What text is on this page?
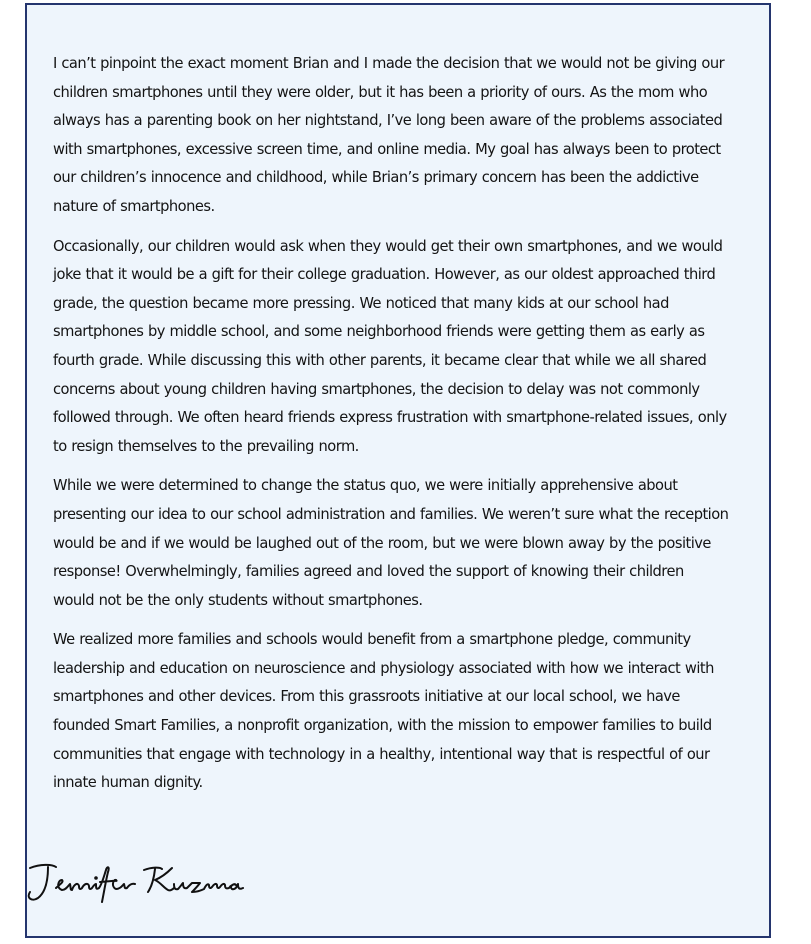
I can’t pinpoint the exact moment Brian and I made the decision that we would not be giving our children smartphones until they were older, but it has been a priority of ours. As the mom who always has a parenting book on her nightstand, I’ve long been aware of the problems associated with smartphones, excessive screen time, and online media. My goal has always been to protect our children’s innocence and childhood, while Brian’s primary concern has been the addictive nature of smartphones.

Occasionally, our children would ask when they would get their own smartphones, and we would joke that it would be a gift for their college graduation. However, as our oldest approached third grade, the question became more pressing. We noticed that many kids at our school had smartphones by middle school, and some neighborhood friends were getting them as early as fourth grade. While discussing this with other parents, it became clear that while we all shared concerns about young children having smartphones, the decision to delay was not commonly followed through. We often heard friends express frustration with smartphone-related issues, only to resign themselves to the prevailing norm.

While we were determined to change the status quo, we were initially apprehensive about presenting our idea to our school administration and families. We weren’t sure what the reception would be and if we would be laughed out of the room, but we were blown away by the positive response! Overwhelmingly, families agreed and loved the support of knowing their children would not be the only students without smartphones.

We realized more families and schools would benefit from a smartphone pledge, community leadership and education on neuroscience and physiology associated with how we interact with smartphones and other devices. From this grassroots initiative at our local school, we have founded Smart Families, a nonprofit organization, with the mission to empower families to build communities that engage with technology in a healthy, intentional way that is respectful of our innate human dignity.
